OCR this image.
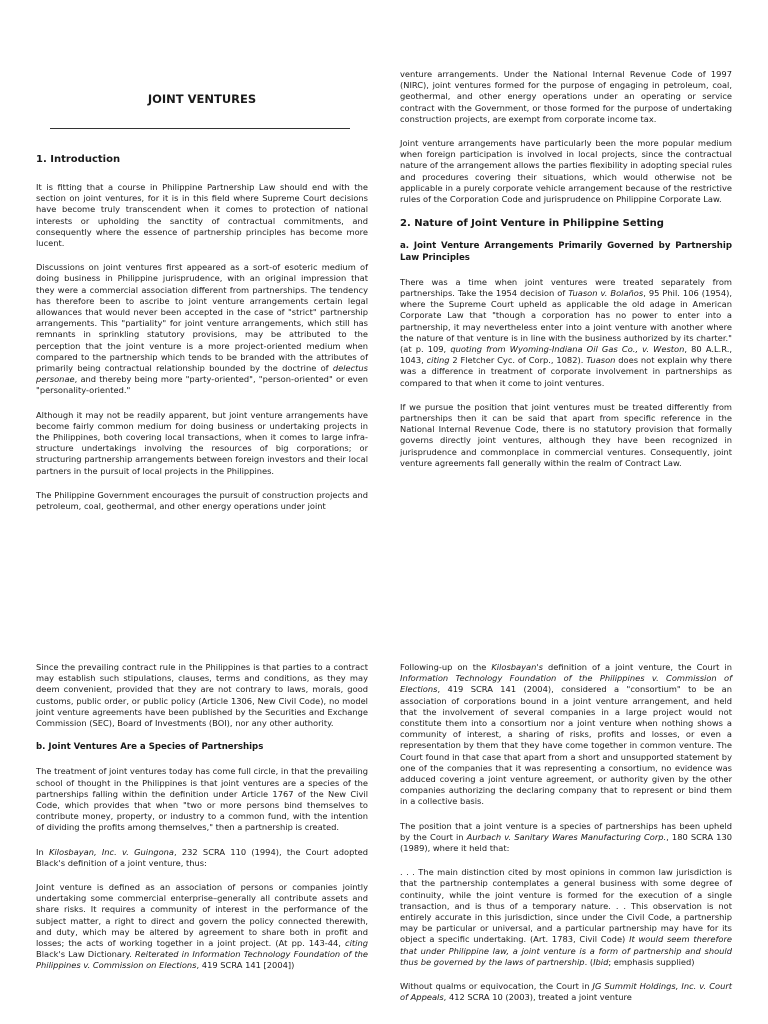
JOINT VENTURES
1. Introduction

It is fitting that a course in Philippine Partnership Law should end with the section on joint ventures, for it is in this field where Supreme Court decisions have become truly transcendent when it comes to protection of national interests or upholding the sanctity of contractual commitments, and consequently where the essence of partnership principles has become more lucent.

Discussions on joint ventures first appeared as a sort-of esoteric medium of doing business in Philippine jurisprudence, with an original impression that they were a commercial association different from partnerships. The tendency has therefore been to ascribe to joint venture arrangements certain legal allowances that would never been accepted in the case of "strict" partnership arrangements. This "partiality" for joint venture arrangements, which still has remnants in sprinkling statutory provisions, may be attributed to the perception that the joint venture is a more project-oriented medium when compared to the partnership which tends to be branded with the attributes of primarily being contractual relationship bounded by the doctrine of delectus personae, and thereby being more "party-oriented", "person-oriented" or even "personality-oriented."

Although it may not be readily apparent, but joint venture arrangements have become fairly common medium for doing business or undertaking projects in the Philippines, both covering local transactions, when it comes to large infra-structure undertakings involving the resources of big corporations; or structuring partnership arrangements between foreign investors and their local partners in the pursuit of local projects in the Philippines.

The Philippine Government encourages the pursuit of construction projects and petroleum, coal, geothermal, and other energy operations under joint

venture arrangements. Under the National Internal Revenue Code of 1997 (NIRC), joint ventures formed for the purpose of engaging in petroleum, coal, geothermal, and other energy operations under an operating or service contract with the Government, or those formed for the purpose of undertaking construction projects, are exempt from corporate income tax.

Joint venture arrangements have particularly been the more popular medium when foreign participation is involved in local projects, since the contractual nature of the arrangement allows the parties flexibility in adopting special rules and procedures covering their situations, which would otherwise not be applicable in a purely corporate vehicle arrangement because of the restrictive rules of the Corporation Code and jurisprudence on Philippine Corporate Law.

2. Nature of Joint Venture in Philippine Setting
a. Joint Venture Arrangements Primarily Governed by Partnership Law Principles

There was a time when joint ventures were treated separately from partnerships. Take the 1954 decision of Tuason v. Bolaños, 95 Phil. 106 (1954), where the Supreme Court upheld as applicable the old adage in American Corporate Law that "though a corporation has no power to enter into a partnership, it may nevertheless enter into a joint venture with another where the nature of that venture is in line with the business authorized by its charter." (at p. 109, quoting from Wyoming-Indiana Oil Gas Co., v. Weston, 80 A.L.R., 1043, citing 2 Fletcher Cyc. of Corp., 1082). Tuason does not explain why there was a difference in treatment of corporate involvement in partnerships as compared to that when it come to joint ventures.

If we pursue the position that joint ventures must be treated differently from partnerships then it can be said that apart from specific reference in the National Internal Revenue Code, there is no statutory provision that formally governs directly joint ventures, although they have been recognized in jurisprudence and commonplace in commercial ventures. Consequently, joint venture agreements fall generally within the realm of Contract Law.

Since the prevailing contract rule in the Philippines is that parties to a contract may establish such stipulations, clauses, terms and conditions, as they may deem convenient, provided that they are not contrary to laws, morals, good customs, public order, or public policy (Article 1306, New Civil Code), no model joint venture agreements have been published by the Securities and Exchange Commission (SEC), Board of Investments (BOI), nor any other authority.

b. Joint Ventures Are a Species of Partnerships

The treatment of joint ventures today has come full circle, in that the prevailing school of thought in the Philippines is that joint ventures are a species of the partnerships falling within the definition under Article 1767 of the New Civil Code, which provides that when "two or more persons bind themselves to contribute money, property, or industry to a common fund, with the intention of dividing the profits among themselves," then a partnership is created.

In Kilosbayan, Inc. v. Guingona, 232 SCRA 110 (1994), the Court adopted Black's definition of a joint venture, thus:

Joint venture is defined as an association of persons or companies jointly undertaking some commercial enterprise–generally all contribute assets and share risks. It requires a community of interest in the performance of the subject matter, a right to direct and govern the policy connected therewith, and duty, which may be altered by agreement to share both in profit and losses; the acts of working together in a joint project. (At pp. 143-44, citing Black's Law Dictionary. Reiterated in Information Technology Foundation of the Philippines v. Commission on Elections, 419 SCRA 141 [2004])

Following-up on the Kilosbayan's definition of a joint venture, the Court in Information Technology Foundation of the Philippines v. Commission of Elections, 419 SCRA 141 (2004), considered a "consortium" to be an association of corporations bound in a joint venture arrangement, and held that the involvement of several companies in a large project would not constitute them into a consortium nor a joint venture when nothing shows a community of interest, a sharing of risks, profits and losses, or even a representation by them that they have come together in common venture. The Court found in that case that apart from a short and unsupported statement by one of the companies that it was representing a consortium, no evidence was adduced covering a joint venture agreement, or authority given by the other companies authorizing the declaring company that to represent or bind them in a collective basis.

The position that a joint venture is a species of partnerships has been upheld by the Court in Aurbach v. Sanitary Wares Manufacturing Corp., 180 SCRA 130 (1989), where it held that:

. . . The main distinction cited by most opinions in common law jurisdiction is that the partnership contemplates a general business with some degree of continuity, while the joint venture is formed for the execution of a single transaction, and is thus of a temporary nature. . . This observation is not entirely accurate in this jurisdiction, since under the Civil Code, a partnership may be particular or universal, and a particular partnership may have for its object a specific undertaking. (Art. 1783, Civil Code) It would seem therefore that under Philippine law, a joint venture is a form of partnership and should thus be governed by the laws of partnership. (Ibid; emphasis supplied)

Without qualms or equivocation, the Court in JG Summit Holdings, Inc. v. Court of Appeals, 412 SCRA 10 (2003), treated a joint venture
